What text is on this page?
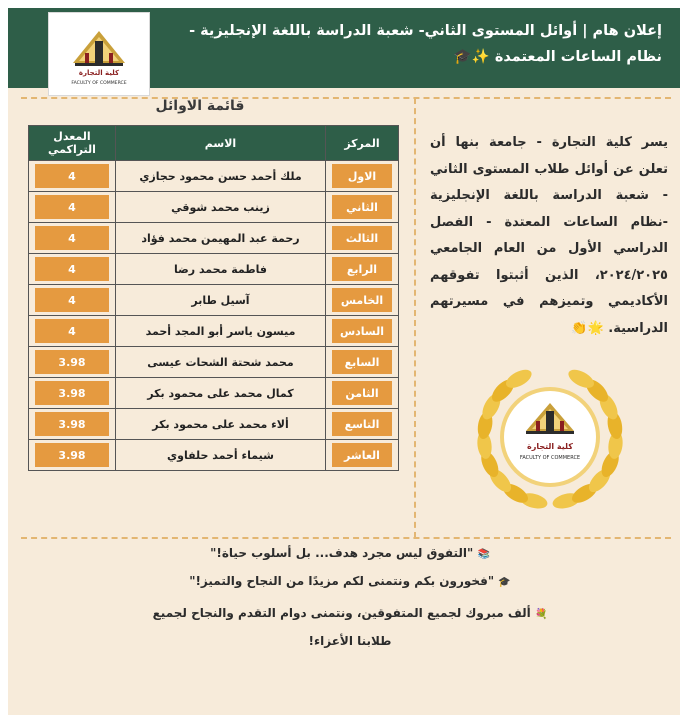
إعلان هام | أوائل المستوى الثاني- شعبة الدراسة باللغة الإنجليزية - نظام الساعات المعتمدة ✨🎓
كلية التجارة
FACULTY OF COMMERCE
قائمة الاوائل
المركز	الاسم	المعدل التراكمي

الاول	ملك أحمد حسن محمود حجازي	4

الثاني	زينب محمد شوقي	4

الثالث	رحمة عبد المهيمن محمد فؤاد	4

الرابع	فاطمة محمد رضا	4

الخامس	آسيل طابر	4

السادس	ميسون ياسر أبو المجد أحمد	4

السابع	محمد شحتة الشحات عيسى	3.98

الثامن	كمال محمد على محمود بكر	3.98

التاسع	ألاء محمد على محمود بكر	3.98

العاشر	شيماء أحمد حلفاوي	3.98
يسر كلية التجارة - جامعة بنها أن تعلن عن أوائل طلاب المستوى الثاني - شعبة الدراسة باللغة الإنجليزية -نظام الساعات المعتدة - الفصل الدراسي الأول من العام الجامعي ٢٠٢٤/٢٠٢٥، الذين أثبتوا تفوقهم الأكاديمي وتميزهم في مسيرتهم الدراسية. 🌟👏
كلية التجارة
FACULTY OF COMMERCE
📚 "التفوق ليس مجرد هدف... بل أسلوب حياة!"
🎓 "فخورون بكم ونتمنى لكم مزيدًا من النجاح والتميز!"
💐 ألف مبروك لجميع المتفوقين، ونتمنى دوام التقدم والنجاح لجميع طلابنا الأعزاء!
